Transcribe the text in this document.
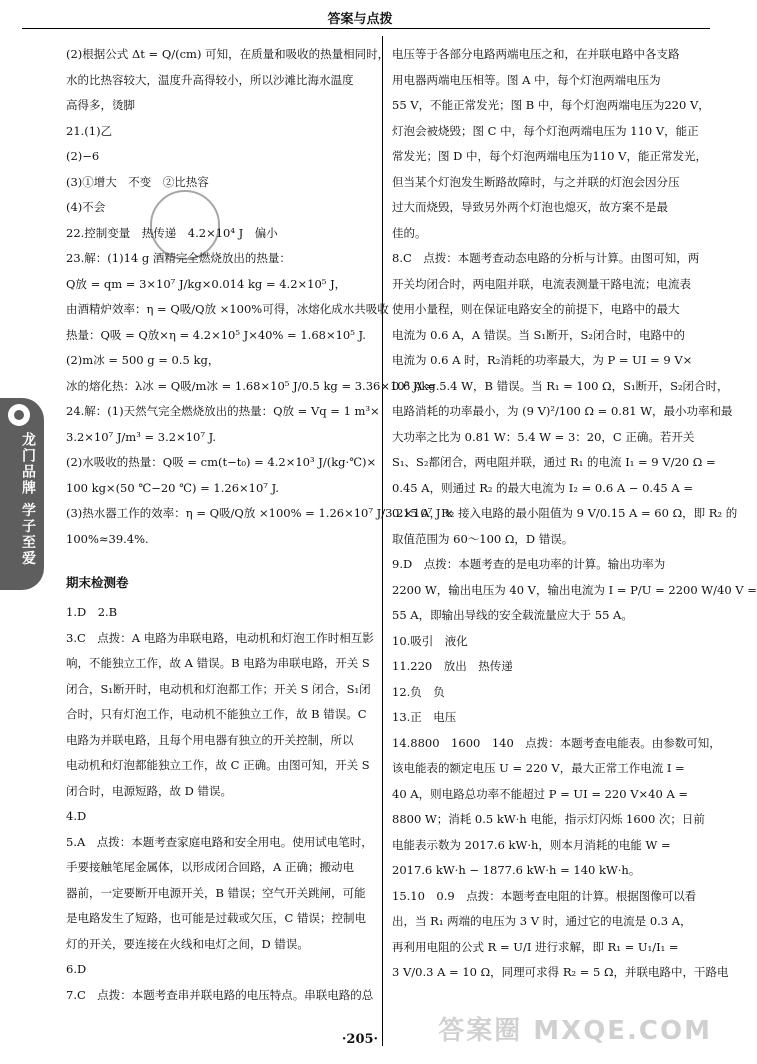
答案与点拨
龙门品牌 学子至爱
(2)根据公式 Δt = Q/(cm) 可知，在质量和吸收的热量相同时，
水的比热容较大，温度升高得较小，所以沙滩比海水温度
高得多，烫脚
21.(1)乙
(2)−6
(3)①增大　不变　②比热容
(4)不会
22.控制变量　热传递　4.2×10⁴ J　偏小
23.解：(1)14 g 酒精完全燃烧放出的热量：
Q放 = qm = 3×10⁷ J/kg×0.014 kg = 4.2×10⁵ J，
由酒精炉效率：η = Q吸/Q放 ×100%可得，冰熔化成水共吸收
热量：Q吸 = Q放×η = 4.2×10⁵ J×40% = 1.68×10⁵ J.
(2)m冰 = 500 g = 0.5 kg，
冰的熔化热：λ冰 = Q吸/m冰 = 1.68×10⁵ J/0.5 kg = 3.36×10⁵ J/kg.
24.解：(1)天然气完全燃烧放出的热量：Q放 = Vq = 1 m³×
3.2×10⁷ J/m³ = 3.2×10⁷ J.
(2)水吸收的热量：Q吸 = cm(t−t₀) = 4.2×10³ J/(kg·℃)×
100 kg×(50 ℃−20 ℃) = 1.26×10⁷ J.
(3)热水器工作的效率：η = Q吸/Q放 ×100% = 1.26×10⁷ J/3.2×10⁷ J ×
100%≈39.4%.
期末检测卷
1.D　2.B
3.C　点拨：A 电路为串联电路，电动机和灯泡工作时相互影
响，不能独立工作，故 A 错误。B 电路为串联电路，开关 S
闭合，S₁断开时，电动机和灯泡都工作；开关 S 闭合，S₁闭
合时，只有灯泡工作，电动机不能独立工作，故 B 错误。C
电路为并联电路，且每个用电器有独立的开关控制，所以
电动机和灯泡都能独立工作，故 C 正确。由图可知，开关 S
闭合时，电源短路，故 D 错误。
4.D
5.A　点拨：本题考查家庭电路和安全用电。使用试电笔时，
手要接触笔尾金属体，以形成闭合回路，A 正确；搬动电
器前，一定要断开电源开关，B 错误；空气开关跳闸，可能
是电路发生了短路，也可能是过载或欠压，C 错误；控制电
灯的开关，要连接在火线和电灯之间，D 错误。
6.D
7.C　点拨：本题考查串并联电路的电压特点。串联电路的总
电压等于各部分电路两端电压之和，在并联电路中各支路
用电器两端电压相等。图 A 中，每个灯泡两端电压为
55 V，不能正常发光；图 B 中，每个灯泡两端电压为220 V，
灯泡会被烧毁；图 C 中，每个灯泡两端电压为 110 V，能正
常发光；图 D 中，每个灯泡两端电压为110 V，能正常发光，
但当某个灯泡发生断路故障时，与之并联的灯泡会因分压
过大而烧毁，导致另外两个灯泡也熄灭，故方案不是最
佳的。
8.C　点拨：本题考查动态电路的分析与计算。由图可知，两
开关均闭合时，两电阻并联，电流表测量干路电流；电流表
使用小量程，则在保证电路安全的前提下，电路中的最大
电流为 0.6 A，A 错误。当 S₁断开，S₂闭合时，电路中的
电流为 0.6 A 时，R₂消耗的功率最大，为 P = UI = 9 V×
0.6 A = 5.4 W，B 错误。当 R₁ = 100 Ω，S₁断开，S₂闭合时，
电路消耗的功率最小，为 (9 V)²/100 Ω = 0.81 W，最小功率和最
大功率之比为 0.81 W：5.4 W = 3：20，C 正确。若开关
S₁、S₂都闭合，两电阻并联，通过 R₁ 的电流 I₁ = 9 V/20 Ω =
0.45 A，则通过 R₂ 的最大电流为 I₂ = 0.6 A − 0.45 A =
0.15 A，R₂ 接入电路的最小阻值为 9 V/0.15 A = 60 Ω，即 R₂ 的
取值范围为 60～100 Ω，D 错误。
9.D　点拨：本题考查的是电功率的计算。输出功率为
2200 W，输出电压为 40 V，输出电流为 I = P/U = 2200 W/40 V =
55 A，即输出导线的安全载流量应大于 55 A。
10.吸引　液化
11.220　放出　热传递
12.负　负
13.正　电压
14.8800　1600　140　点拨：本题考查电能表。由参数可知，
该电能表的额定电压 U = 220 V，最大正常工作电流 I =
40 A，则电路总功率不能超过 P = UI = 220 V×40 A =
8800 W；消耗 0.5 kW·h 电能，指示灯闪烁 1600 次；日前
电能表示数为 2017.6 kW·h，则本月消耗的电能 W =
2017.6 kW·h − 1877.6 kW·h = 140 kW·h。
15.10　0.9　点拨：本题考查电阻的计算。根据图像可以看
出，当 R₁ 两端的电压为 3 V 时，通过它的电流是 0.3 A，
再利用电阻的公式 R = U/I 进行求解，即 R₁ = U₁/I₁ =
3 V/0.3 A = 10 Ω，同理可求得 R₂ = 5 Ω，并联电路中，干路电
·205·	答案圈 MXQE.COM
